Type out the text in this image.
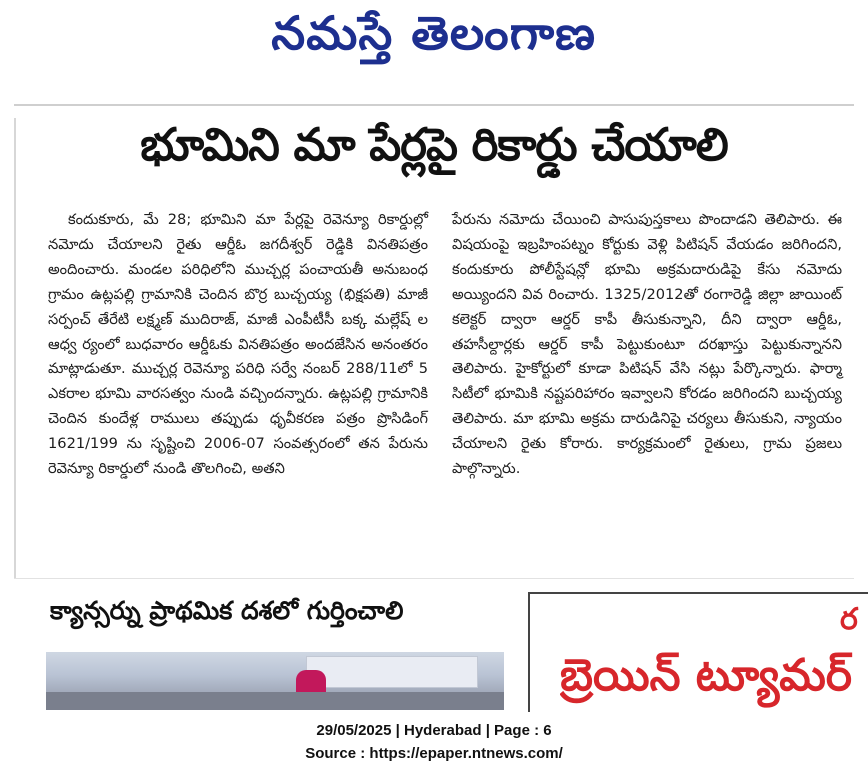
నమస్తే తెలంగాణ
భూమిని మా పేర్లపై రికార్డు చేయాలి

కందుకూరు, మే 28; భూమిని మా పేర్లపై రెవెన్యూ రికార్డుల్లో నమోదు చేయాలని రైతు ఆర్డీఓ జగదీశ్వర్ రెడ్డికి వినతిపత్రం అందించారు. మండల పరిధిలోని ముచ్చర్ల పంచాయతీ అనుబంధ గ్రామం ఉట్లపల్లి గ్రామానికి చెందిన బొర్ర బుచ్చయ్య (భిక్షపతి) మాజీ సర్పంచ్ తేరేటి లక్ష్మణ్ ముదిరాజ్, మాజీ ఎంపీటీసీ బక్క మల్లేష్ ల ఆధ్వ ర్యంలో బుధవారం ఆర్డీఓకు వినతిపత్రం అందజేసిన అనంతరం మాట్లాడుతూ. ముచ్చర్ల రెవెన్యూ పరిధి సర్వే నంబర్ 288/11లో 5 ఎకరాల భూమి వారసత్వం నుండి వచ్చిందన్నారు. ఉట్లపల్లి గ్రామానికి చెందిన కుందేళ్ల రాములు తప్పుడు ధృవీకరణ పత్రం ప్రొసిడింగ్ 1621/199 ను సృష్టించి 2006-07 సంవత్సరంలో తన పేరును రెవెన్యూ రికార్డులో నుండి తొలగించి, అతని

పేరును నమోదు చేయించి పాసుపుస్తకాలు పొందాడని తెలిపారు. ఈ విషయంపై ఇబ్రహింపట్నం కోర్టుకు వెళ్లి పిటిషన్ వేయడం జరిగిందని, కందుకూరు పోలీస్టేషన్లో భూమి అక్రమదారుడిపై కేసు నమోదు అయ్యిందని వివ రించారు. 1325/2012తో రంగారెడ్డి జిల్లా జాయింట్ కలెక్టర్ ద్వారా ఆర్డర్ కాపీ తీసుకున్నాని, దీని ద్వారా ఆర్డీఓ, తహసీల్దార్లకు ఆర్డర్ కాపీ పెట్టుకుంటూ దరఖాస్తు పెట్టుకున్నానని తెలిపారు. హైకోర్టులో కూడా పిటిషన్ వేసి నట్లు పేర్కొన్నారు. ఫార్మా సిటీలో భూమికి నష్టపరిహారం ఇవ్వాలని కోరడం జరిగిందని బుచ్చయ్య తెలిపారు. మా భూమి అక్రమ దారుడినిపై చర్యలు తీసుకుని, న్యాయం చేయాలని రైతు కోరారు. కార్యక్రమంలో రైతులు, గ్రామ ప్రజలు పాల్గొన్నారు.

క్యాన్సర్ను ప్రాథమిక దశలో గుర్తించాలి	ర
బ్రెయిన్ ట్యూమర్
29/05/2025 | Hyderabad | Page : 6
Source : https://epaper.ntnews.com/
